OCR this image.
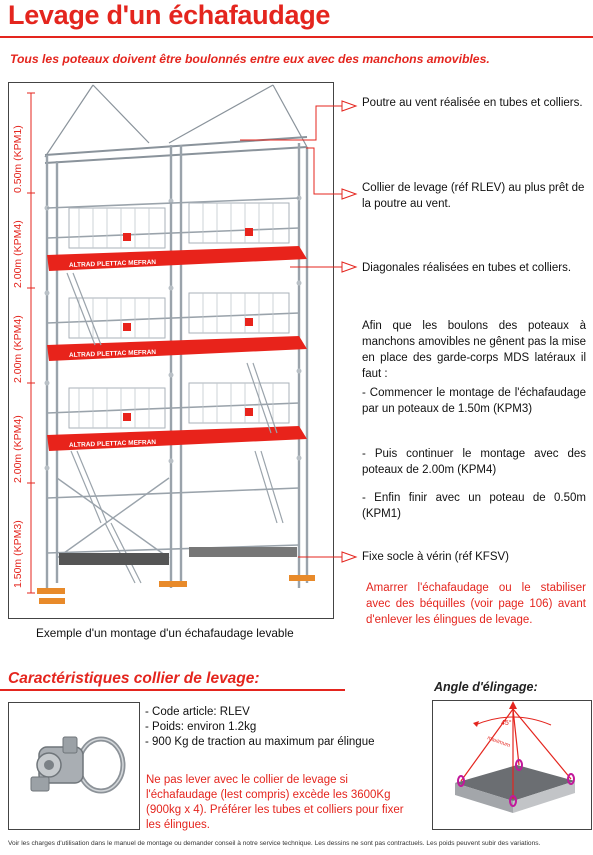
Levage d'un échafaudage
Tous les poteaux doivent être boulonnés entre eux avec des manchons amovibles.
ALTRAD PLETTAC MEFRAN
ALTRAD PLETTAC MEFRAN
ALTRAD PLETTAC MEFRAN
0.50m (KPM1)
2.00m (KPM4)
2.00m (KPM4)
2.00m (KPM4)
1.50m (KPM3)
Poutre au vent réalisée en tubes et colliers.
Collier de levage (réf RLEV) au plus prêt de la poutre au vent.
Diagonales réalisées en tubes et colliers.
Afin que les boulons des poteaux à manchons amovibles ne gênent pas la mise en place des garde-corps MDS latéraux il faut :
- Commencer le montage de l'échafaudage par un poteaux de 1.50m (KPM3)
- Puis continuer le montage avec des poteaux de 2.00m (KPM4)
- Enfin finir avec un poteau de 0.50m (KPM1)
Fixe socle à vérin (réf KFSV)
Amarrer l'échafaudage ou le stabiliser avec des béquilles (voir page 106) avant d'enlever les élingues de levage.
Exemple d'un montage d'un échafaudage levable
Caractéristiques collier de levage:	Angle d'élingage:
- Code article: RLEV
- Poids: environ 1.2kg
- 900 Kg de traction au maximum par élingue
Ne pas lever avec le collier de levage si l'échafaudage (lest compris) excède les 3600Kg (900kg x 4). Préférer les tubes et colliers pour fixer les élingues.
45°
maximum
Voir les charges d'utilisation dans le manuel de montage ou demander conseil à notre service technique. Les dessins ne sont pas contractuels. Les poids peuvent subir des variations.
